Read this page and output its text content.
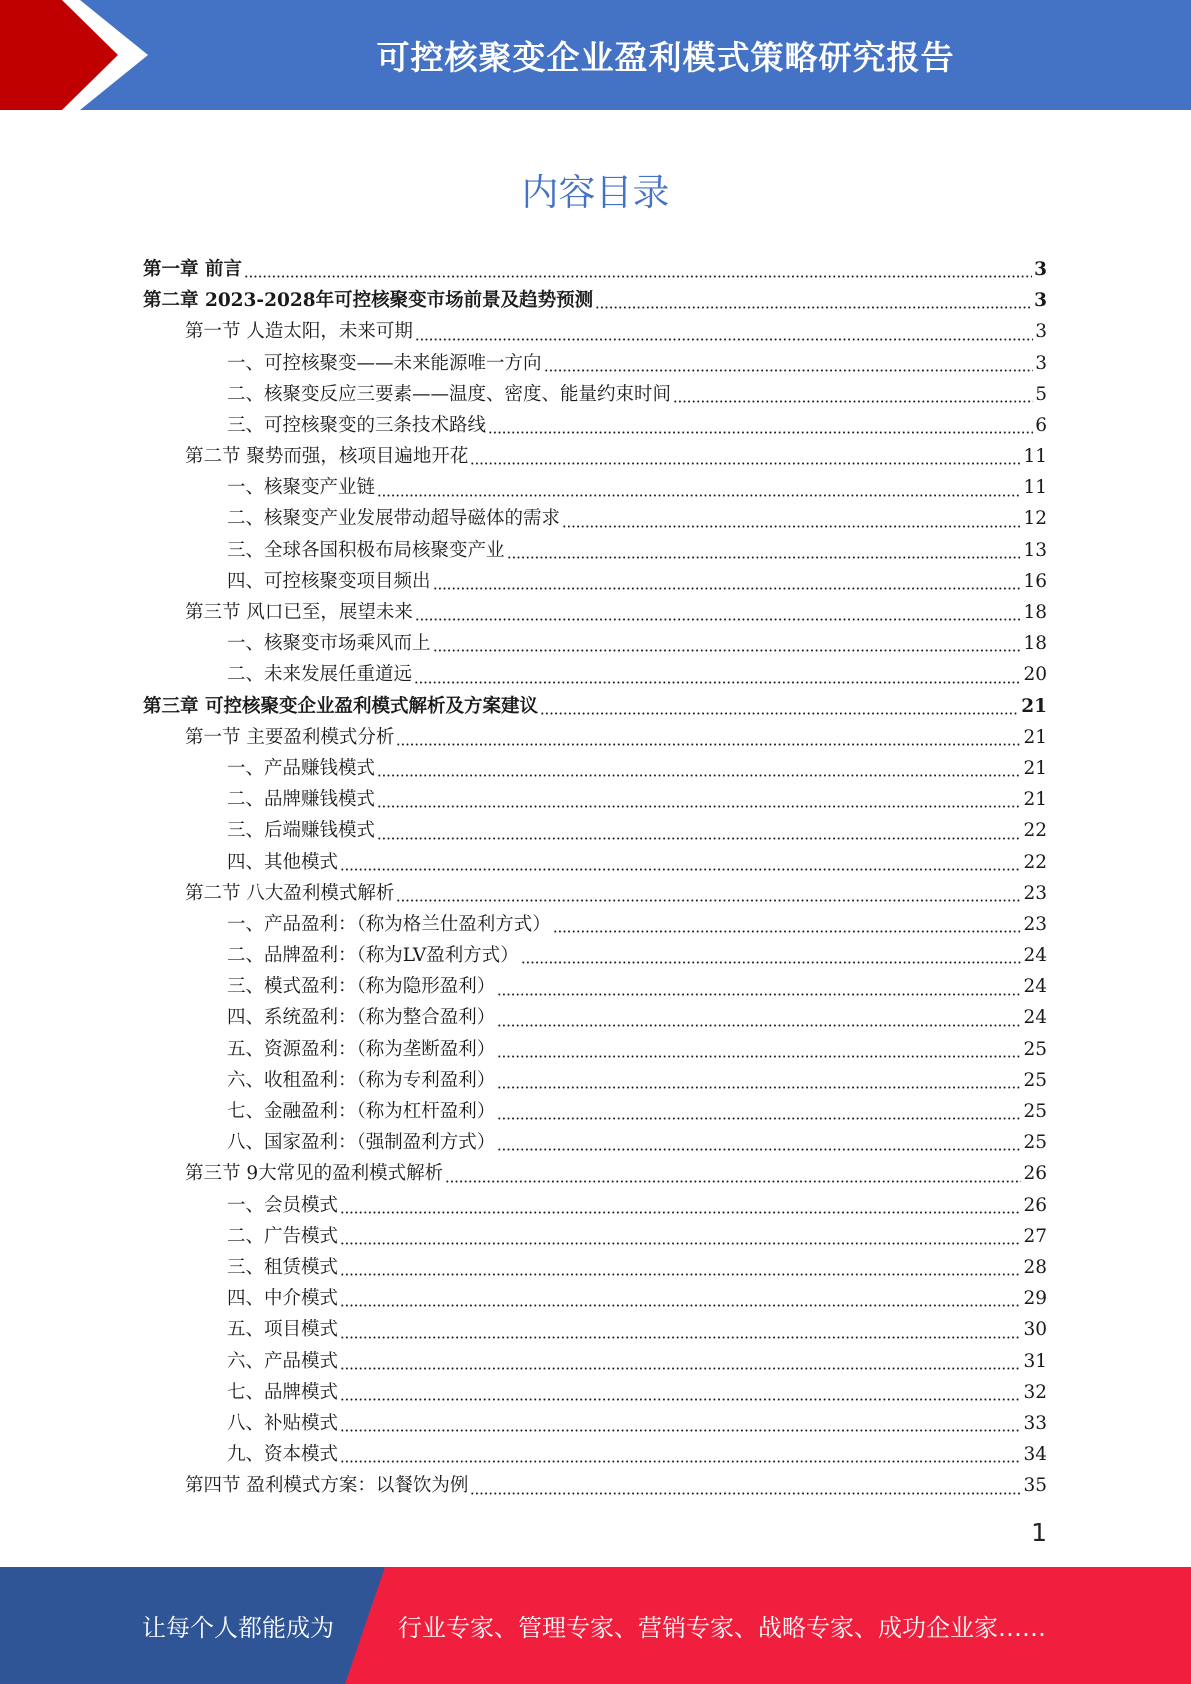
可控核聚变企业盈利模式策略研究报告
内容目录
第一章 前言	3
第二章 2023-2028年可控核聚变市场前景及趋势预测	3
第一节 人造太阳，未来可期	3
一、可控核聚变——未来能源唯一方向	3
二、核聚变反应三要素——温度、密度、能量约束时间	5
三、可控核聚变的三条技术路线	6
第二节 聚势而强，核项目遍地开花	11
一、核聚变产业链	11
二、核聚变产业发展带动超导磁体的需求	12
三、全球各国积极布局核聚变产业	13
四、可控核聚变项目频出	16
第三节 风口已至，展望未来	18
一、核聚变市场乘风而上	18
二、未来发展任重道远	20
第三章 可控核聚变企业盈利模式解析及方案建议	21
第一节 主要盈利模式分析	21
一、产品赚钱模式	21
二、品牌赚钱模式	21
三、后端赚钱模式	22
四、其他模式	22
第二节 八大盈利模式解析	23
一、产品盈利：（称为格兰仕盈利方式）	23
二、品牌盈利：（称为LV盈利方式）	24
三、模式盈利：（称为隐形盈利）	24
四、系统盈利：（称为整合盈利）	24
五、资源盈利：（称为垄断盈利）	25
六、收租盈利：（称为专利盈利）	25
七、金融盈利：（称为杠杆盈利）	25
八、国家盈利：（强制盈利方式）	25
第三节 9大常见的盈利模式解析	26
一、会员模式	26
二、广告模式	27
三、租赁模式	28
四、中介模式	29
五、项目模式	30
六、产品模式	31
七、品牌模式	32
八、补贴模式	33
九、资本模式	34
第四节 盈利模式方案：以餐饮为例	35
1
让每个人都能成为	行业专家、管理专家、营销专家、战略专家、成功企业家……
